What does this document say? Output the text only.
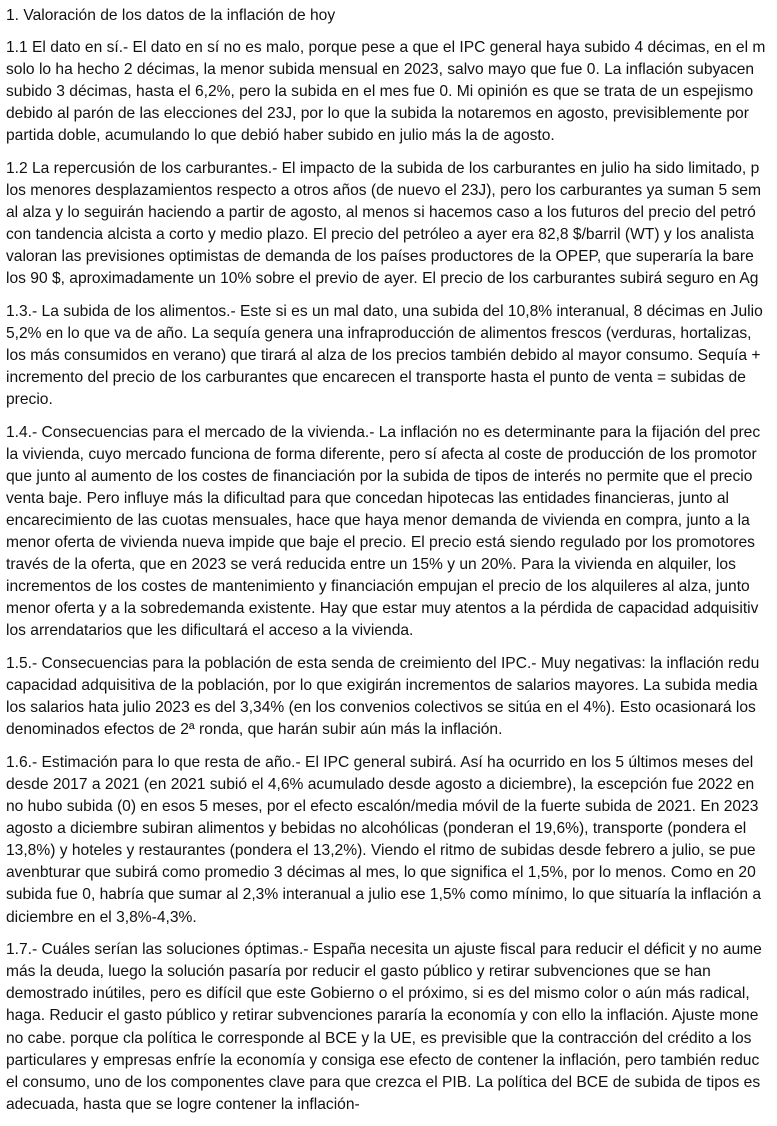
1. Valoración de los datos de la inflación de hoy
1.1 El dato en sí.- El dato en sí no es malo, porque pese a que el IPC general haya subido 4 décimas, en el m
solo lo ha hecho 2 décimas, la menor subida mensual en 2023, salvo mayo que fue 0. La inflación subyacen
subido 3 décimas, hasta el 6,2%, pero la subida en el mes fue 0. Mi opinión es que se trata de un espejismo
debido al parón de las elecciones del 23J, por lo que la subida la notaremos en agosto, previsiblemente por
partida doble, acumulando lo que debió haber subido en julio más la de agosto.
1.2 La repercusión de los carburantes.- El impacto de la subida de los carburantes en julio ha sido limitado, p
los menores desplazamientos respecto a otros años (de nuevo el 23J), pero los carburantes ya suman 5 sem
al alza y lo seguirán haciendo a partir de agosto, al menos si hacemos caso a los futuros del precio del petró
con tandencia alcista a corto y medio plazo. El precio del petróleo a ayer era 82,8 $/barril (WT) y los analista
valoran las previsiones optimistas de demanda de los países productores de la OPEP, que superaría la bare
los 90 $, aproximadamente un 10% sobre el previo de ayer. El precio de los carburantes subirá seguro en Ag
1.3.- La subida de los alimentos.- Este si es un mal dato, una subida del 10,8% interanual, 8 décimas en Julio
5,2% en lo que va de año. La sequía genera una infraproducción de alimentos frescos (verduras, hortalizas,
los más consumidos en verano) que tirará al alza de los precios también debido al mayor consumo. Sequía +
incremento del precio de los carburantes que encarecen el transporte hasta el punto de venta = subidas de
precio.
1.4.- Consecuencias para el mercado de la vivienda.- La inflación no es determinante para la fijación del prec
la vivienda, cuyo mercado funciona de forma diferente, pero sí afecta al coste de producción de los promotor
que junto al aumento de los costes de financiación por la subida de tipos de interés no permite que el precio
venta baje. Pero influye más la dificultad para que concedan hipotecas las entidades financieras, junto al
encarecimiento de las cuotas mensuales, hace que haya menor demanda de vivienda en compra, junto a la
menor oferta de vivienda nueva impide que baje el precio. El precio está siendo regulado por los promotores
través de la oferta, que en 2023 se verá reducida entre un 15% y un 20%. Para la vivienda en alquiler, los
incrementos de los costes de mantenimiento y financiación empujan el precio de los alquileres al alza, junto
menor oferta y a la sobredemanda existente. Hay que estar muy atentos a la pérdida de capacidad adquisitiv
los arrendatarios que les dificultará el acceso a la vivienda.
1.5.- Consecuencias para la población de esta senda de creimiento del IPC.- Muy negativas: la inflación redu
capacidad adquisitiva de la población, por lo que exigirán incrementos de salarios mayores. La subida media
los salarios hata julio 2023 es del 3,34% (en los convenios colectivos se sitúa en el 4%). Esto ocasionará los
denominados efectos de 2ª ronda, que harán subir aún más la inflación.
1.6.- Estimación para lo que resta de año.- El IPC general subirá. Así ha ocurrido en los 5 últimos meses del
desde 2017 a 2021 (en 2021 subió el 4,6% acumulado desde agosto a diciembre), la escepción fue 2022 en
no hubo subida (0) en esos 5 meses, por el efecto escalón/media móvil de la fuerte subida de 2021. En 2023
agosto a diciembre subiran alimentos y bebidas no alcohólicas (ponderan el 19,6%), transporte (pondera el
13,8%) y hoteles y restaurantes (pondera el 13,2%). Viendo el ritmo de subidas desde febrero a julio, se pue
avenbturar que subirá como promedio 3 décimas al mes, lo que significa el 1,5%, por lo menos. Como en 20
subida fue 0, habría que sumar al 2,3% interanual a julio ese 1,5% como mínimo, lo que situaría la inflación a
diciembre en el 3,8%-4,3%.
1.7.- Cuáles serían las soluciones óptimas.- España necesita un ajuste fiscal para reducir el déficit y no aume
más la deuda, luego la solución pasaría por reducir el gasto público y retirar subvenciones que se han
demostrado inútiles, pero es difícil que este Gobierno o el próximo, si es del mismo color o aún más radical,
haga. Reducir el gasto público y retirar subvenciones pararía la economía y con ello la inflación. Ajuste mone
no cabe. porque cla política le corresponde al BCE y la UE, es previsible que la contracción del crédito a los
particulares y empresas enfríe la economía y consiga ese efecto de contener la inflación, pero también reduc
el consumo, uno de los componentes clave para que crezca el PIB. La política del BCE de subida de tipos es
adecuada, hasta que se logre contener la inflación-
